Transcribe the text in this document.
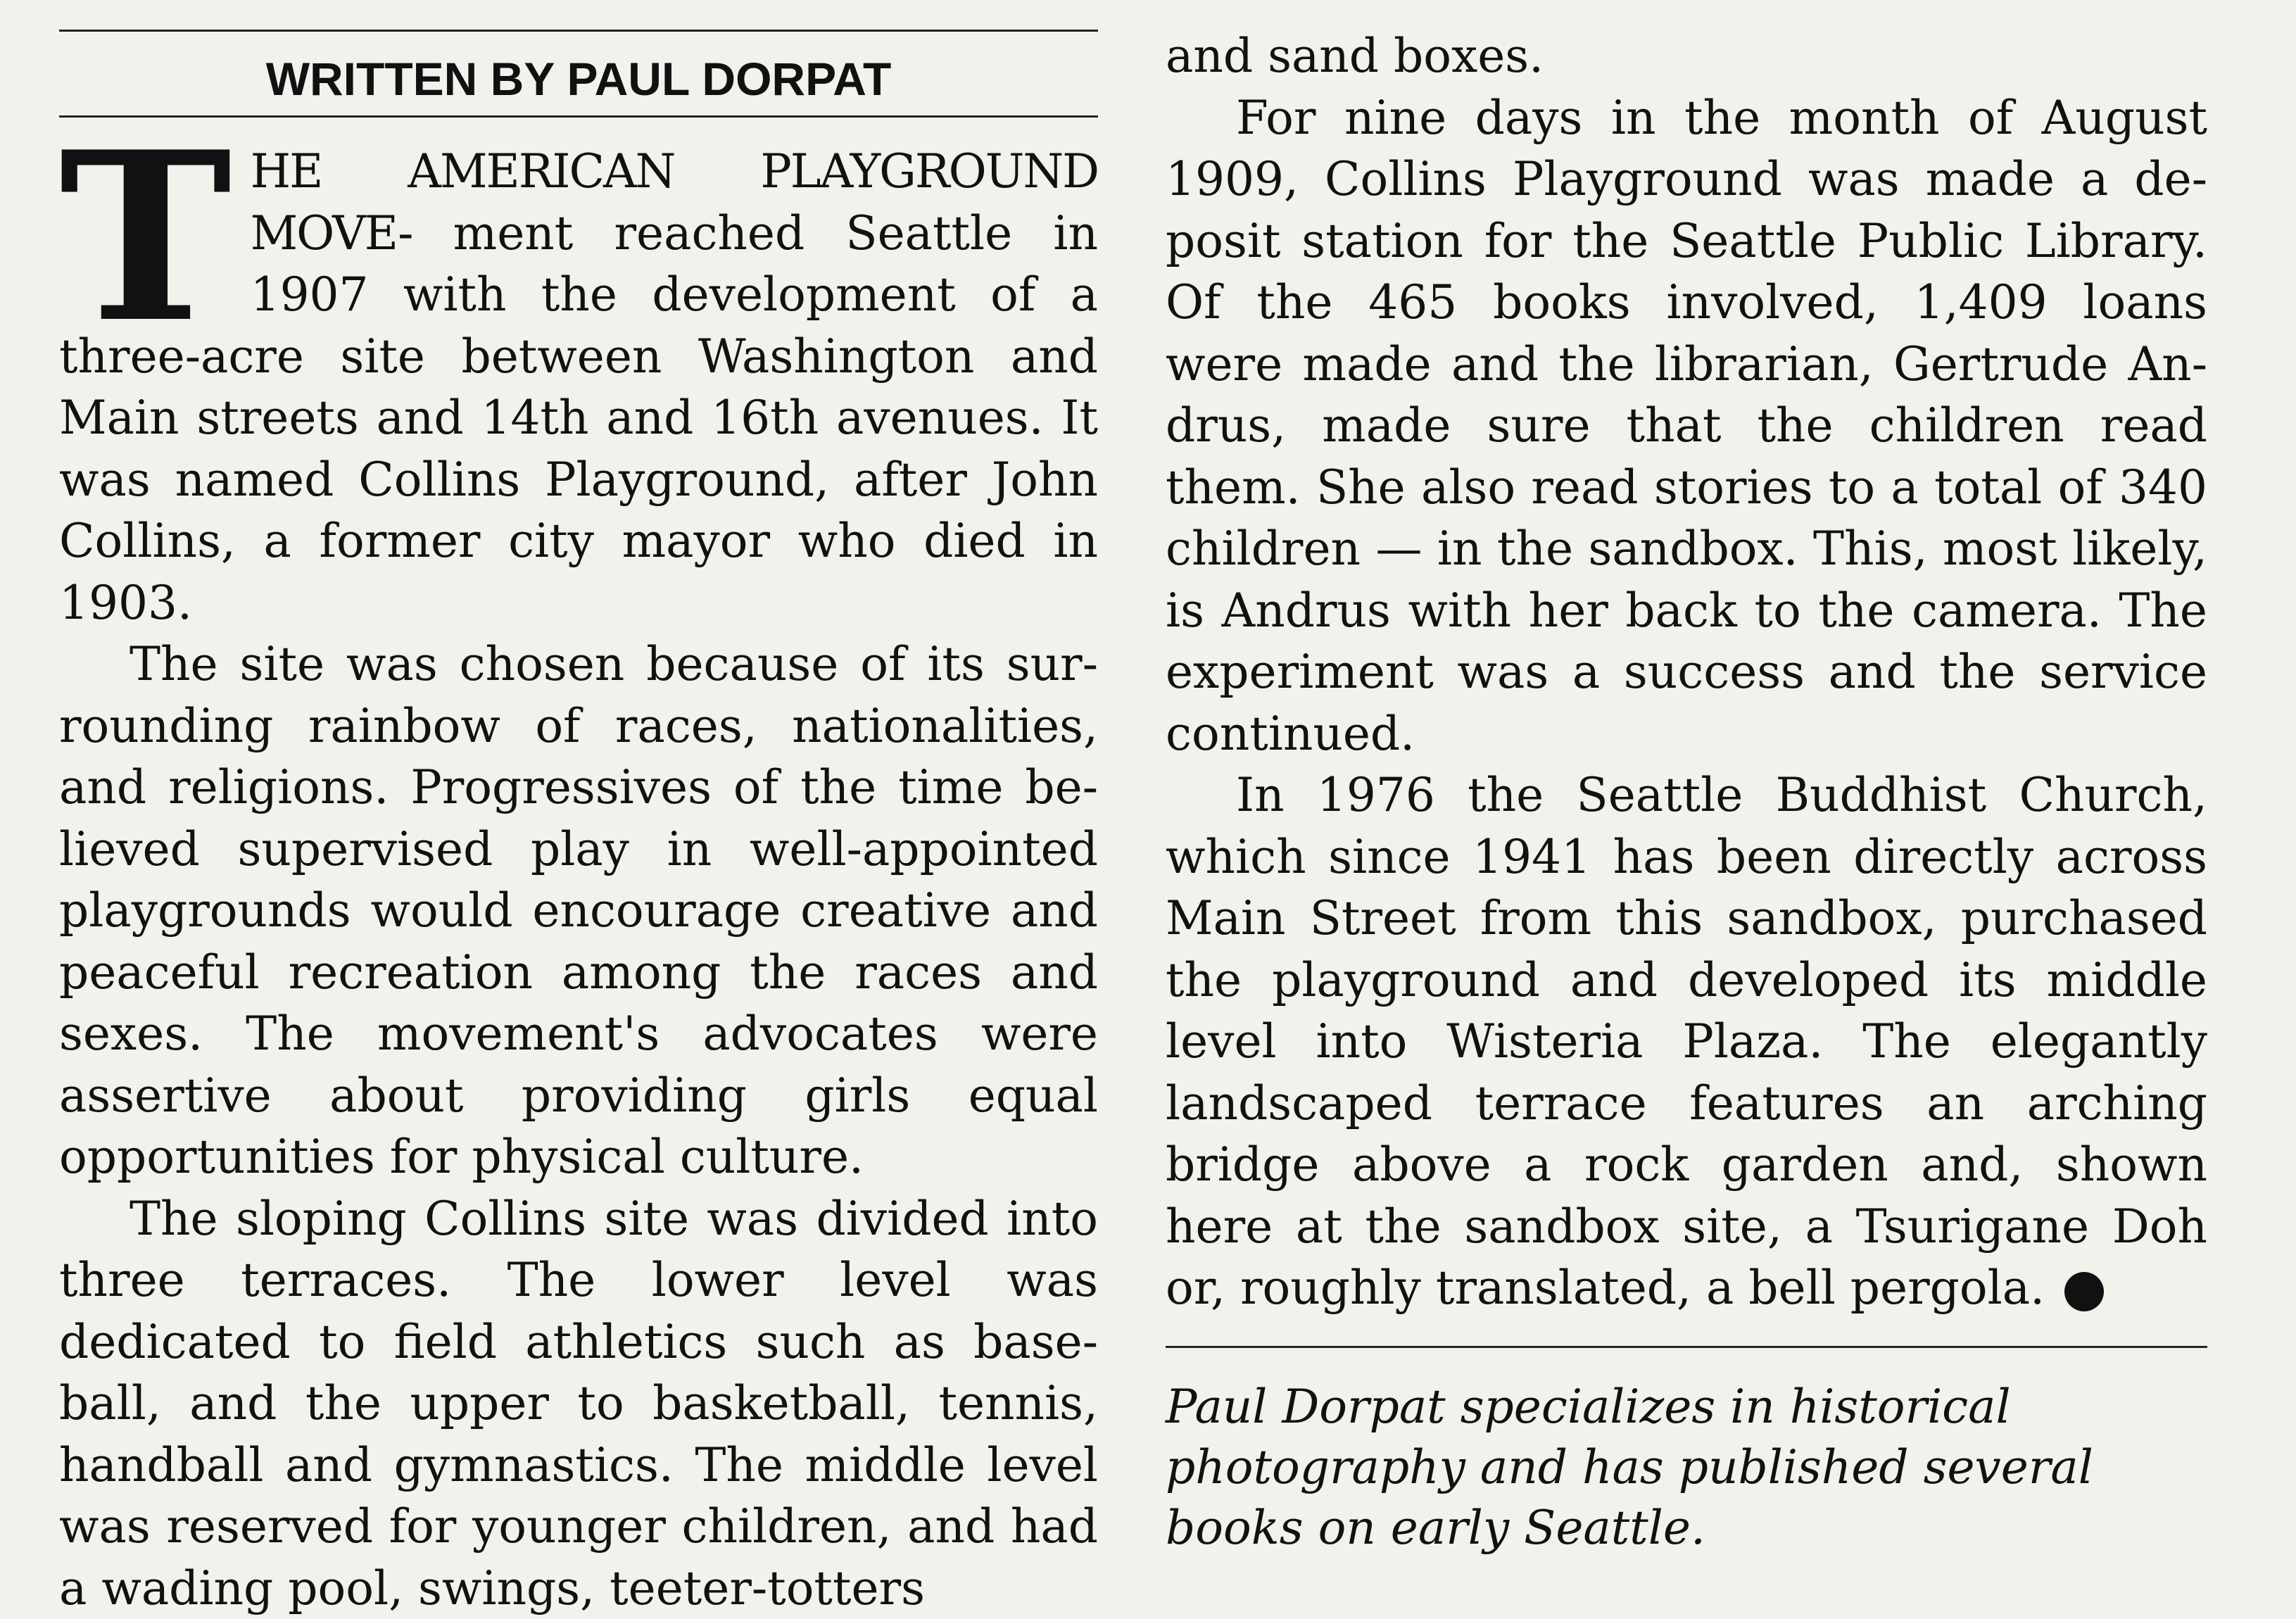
WRITTEN BY PAUL DORPAT

THE AMERICAN PLAYGROUND MOVE- ment reached Seattle in 1907 with the development of a three-acre site between Washington and Main streets and 14th and 16th avenues. It was named Collins Playground, after John Collins, a former city mayor who died in 1903.

The site was chosen because of its surrounding rainbow of races, nationalities, and religions. Progressives of the time believed supervised play in well-appointed playgrounds would encourage creative and peaceful recreation among the races and sexes. The movement's advocates were assertive about providing girls equal opportunities for physical culture.

The sloping Collins site was divided into three terraces. The lower level was dedicated to field athletics such as baseball, and the upper to basketball, tennis, handball and gymnastics. The middle level was reserved for younger children, and had a wading pool, swings, teeter-totters

and sand boxes.

For nine days in the month of August 1909, Collins Playground was made a deposit station for the Seattle Public Library. Of the 465 books involved, 1,409 loans were made and the librarian, Gertrude Andrus, made sure that the children read them. She also read stories to a total of 340 children — in the sandbox. This, most likely, is Andrus with her back to the camera. The experiment was a success and the service continued.

In 1976 the Seattle Buddhist Church, which since 1941 has been directly across Main Street from this sandbox, purchased the playground and developed its middle level into Wisteria Plaza. The elegantly landscaped terrace features an arching bridge above a rock garden and, shown here at the sandbox site, a Tsurigane Doh or, roughly translated, a bell pergola.	P

Paul Dorpat specializes in historical photography and has published several books on early Seattle.
